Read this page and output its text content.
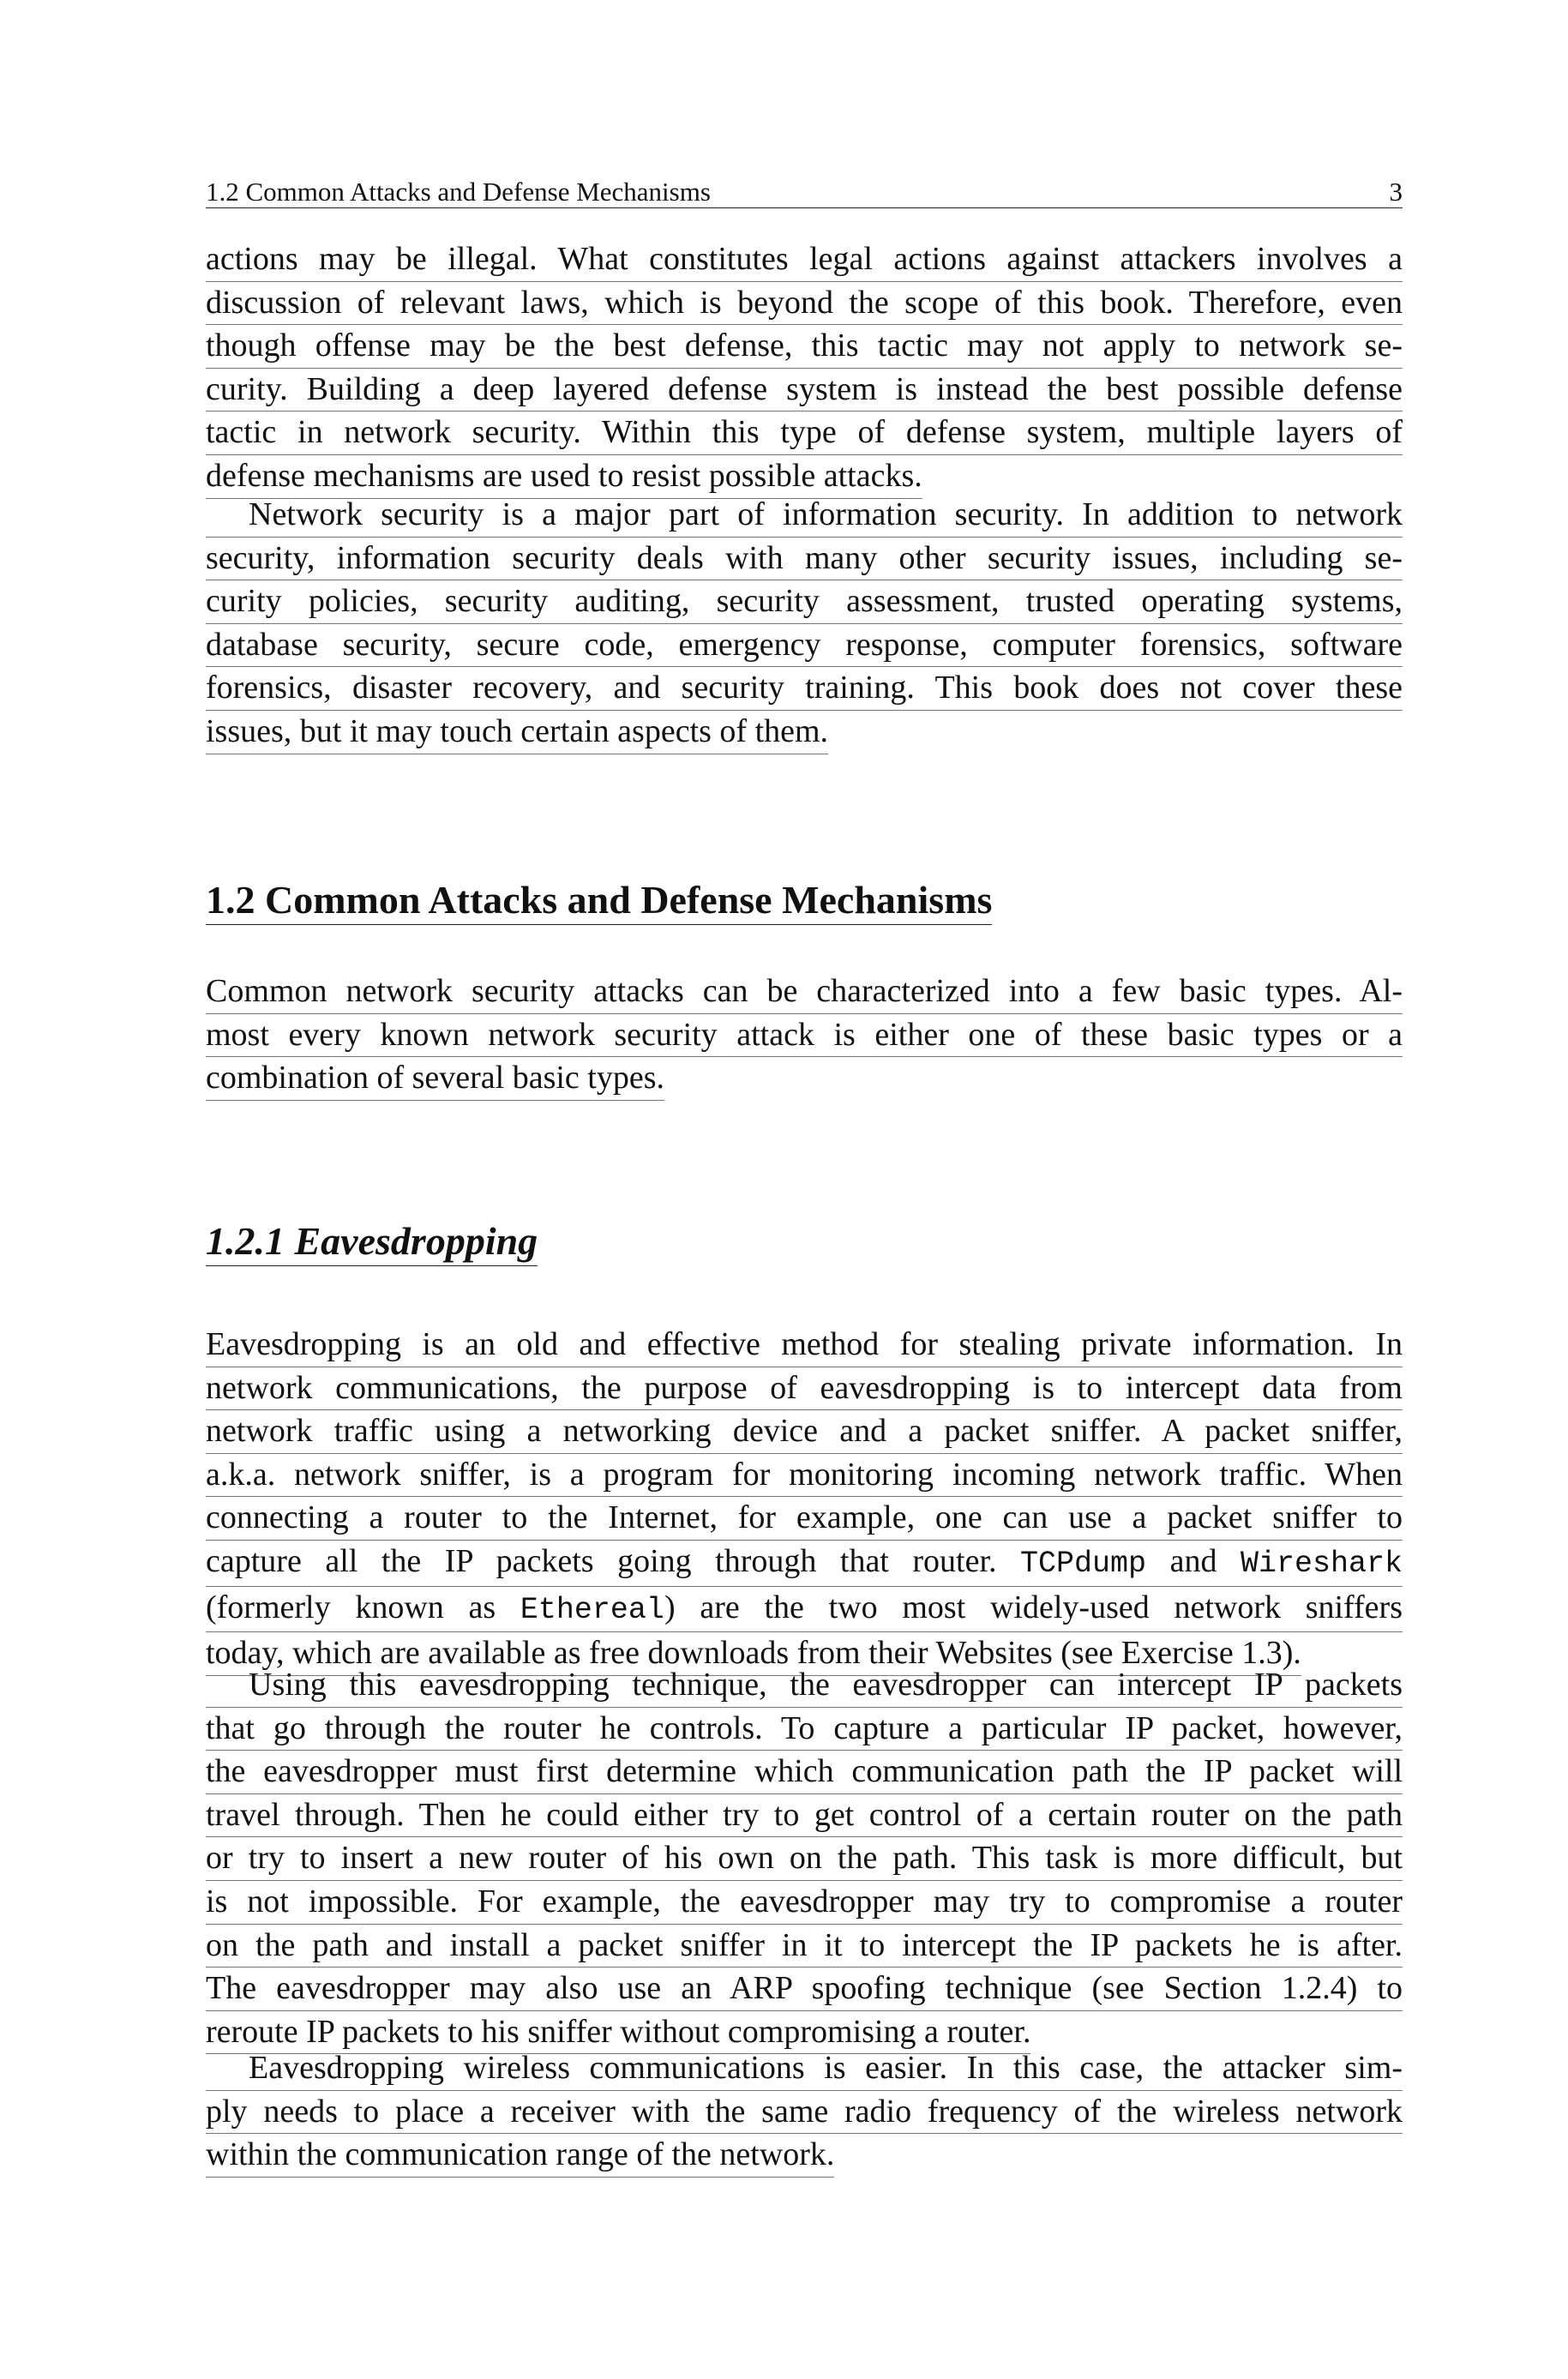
1.2 Common Attacks and Defense Mechanisms	3

actions may be illegal. What constitutes legal actions against attackers involves a
discussion of relevant laws, which is beyond the scope of this book. Therefore, even
though offense may be the best defense, this tactic may not apply to network se-
curity. Building a deep layered defense system is instead the best possible defense
tactic in network security. Within this type of defense system, multiple layers of
defense mechanisms are used to resist possible attacks.

Network security is a major part of information security. In addition to network
security, information security deals with many other security issues, including se-
curity policies, security auditing, security assessment, trusted operating systems,
database security, secure code, emergency response, computer forensics, software
forensics, disaster recovery, and security training. This book does not cover these
issues, but it may touch certain aspects of them.

1.2 Common Attacks and Defense Mechanisms

Common network security attacks can be characterized into a few basic types. Al-
most every known network security attack is either one of these basic types or a
combination of several basic types.

1.2.1 Eavesdropping

Eavesdropping is an old and effective method for stealing private information. In
network communications, the purpose of eavesdropping is to intercept data from
network traffic using a networking device and a packet sniffer. A packet sniffer,
a.k.a. network sniffer, is a program for monitoring incoming network traffic. When
connecting a router to the Internet, for example, one can use a packet sniffer to
capture all the IP packets going through that router. TCPdump and Wireshark
(formerly known as Ethereal) are the two most widely-used network sniffers
today, which are available as free downloads from their Websites (see Exercise 1.3).

Using this eavesdropping technique, the eavesdropper can intercept IP packets
that go through the router he controls. To capture a particular IP packet, however,
the eavesdropper must first determine which communication path the IP packet will
travel through. Then he could either try to get control of a certain router on the path
or try to insert a new router of his own on the path. This task is more difficult, but
is not impossible. For example, the eavesdropper may try to compromise a router
on the path and install a packet sniffer in it to intercept the IP packets he is after.
The eavesdropper may also use an ARP spoofing technique (see Section 1.2.4) to
reroute IP packets to his sniffer without compromising a router.

Eavesdropping wireless communications is easier. In this case, the attacker sim-
ply needs to place a receiver with the same radio frequency of the wireless network
within the communication range of the network.
